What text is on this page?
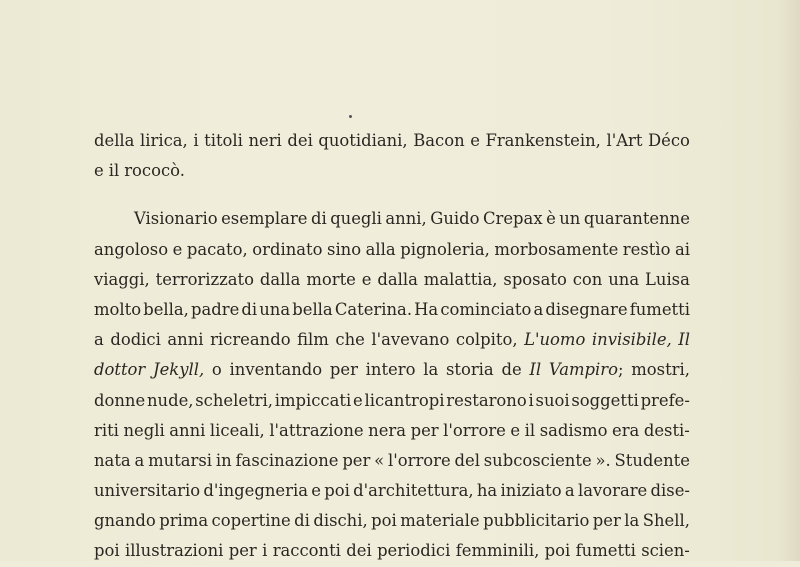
della lirica, i titoli neri dei quotidiani, Bacon e Frankenstein, l'Art Déco
e il rococò.
Visionario esemplare di quegli anni, Guido Crepax è un quarantenne
angoloso e pacato, ordinato sino alla pignoleria, morbosamente restìo ai
viaggi, terrorizzato dalla morte e dalla malattia, sposato con una Luisa
molto bella, padre di una bella Caterina. Ha cominciato a disegnare fumetti
a dodici anni ricreando film che l'avevano colpito, L'uomo invisibile, Il
dottor Jekyll, o inventando per intero la storia de Il Vampiro; mostri,
donne nude, scheletri, impiccati e licantropi restarono i suoi soggetti prefe-
riti negli anni liceali, l'attrazione nera per l'orrore e il sadismo era desti-
nata a mutarsi in fascinazione per « l'orrore del subcosciente ». Studente
universitario d'ingegneria e poi d'architettura, ha iniziato a lavorare dise-
gnando prima copertine di dischi, poi materiale pubblicitario per la Shell,
poi illustrazioni per i racconti dei periodici femminili, poi fumetti scien-
